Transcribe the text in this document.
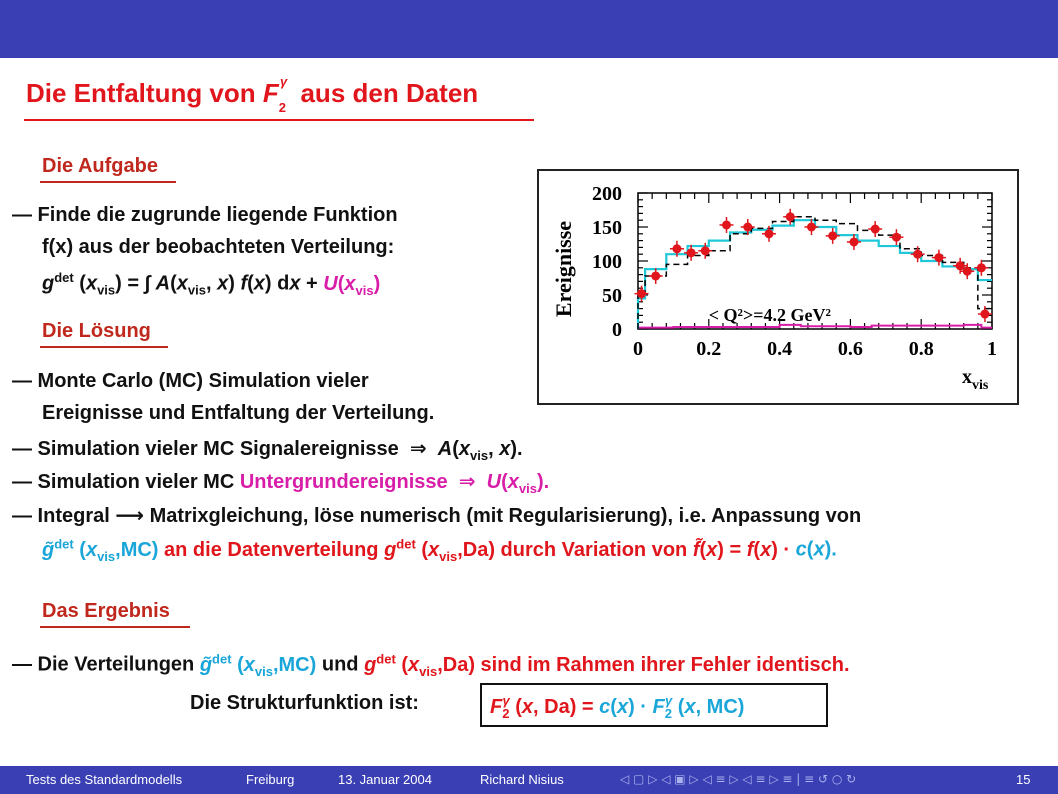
Die Entfaltung von $F_2^\gamma$ aus den Daten
Die Aufgabe
— Finde die zugrunde liegende Funktion
f(x) aus der beobachteten Verteilung:
$g^{det}$ $(x_{vis})$ = ∫ $A(x_{vis}$, x) f(x) dx + $U(x_{vis})$
Die Lösung
— Monte Carlo (MC) Simulation vieler
Ereignisse und Entfaltung der Verteilung.
— Simulation vieler MC Signalereignisse  ⇒  $A(x_{vis}$, x).
— Simulation vieler MC Untergrundereignisse  ⇒  $U(x_{vis})$.
— Integral ⟶ Matrixgleichung, löse numerisch (mit Regularisierung), i.e. Anpassung von
g̃$^{det}$ $(x_{vis},MC)$ an die Datenverteilung $g^{det}$ $(x_{vis},Da)$ durch Variation von f̃(x) = f(x) · c(x).
Das Ergebnis
— Die Verteilungen g̃$^{det}$ $(x_{vis},MC)$ und $g^{det}$ $(x_{vis},Da)$ sind im Rahmen ihrer Fehler identisch.
Die Strukturfunktion ist:	$F_2^\gamma$ (x, $Da) = c(x) \cdot F_2^\gamma$ (x, MC)
0	0.2 0.4 0.6 0.8	1
0
50
100
150
200
Ereignisse
$x_{vis}$
< Q²>=4.2 GeV²
Tests des Standardmodells	Freiburg	13. Januar 2004	Richard Nisius	◁ ▢ ▷ ◁ ▣ ▷ ◁ ≡ ▷ ◁ ≡ ▷ ≡ | ≡ ↺ ○ ↻	15
